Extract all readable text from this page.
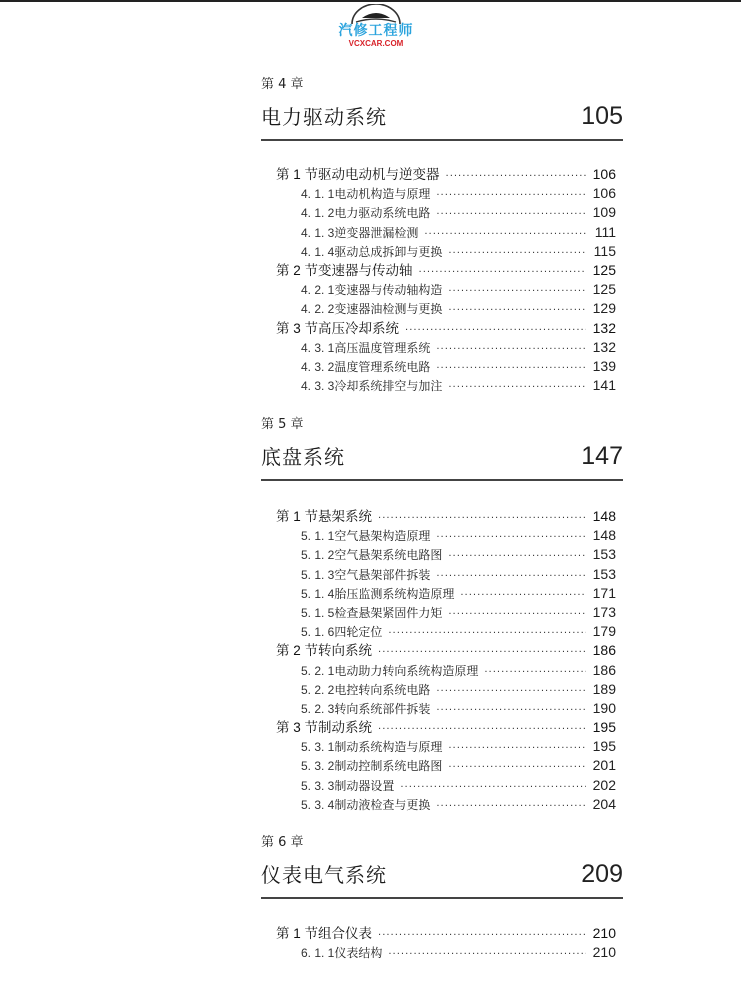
汽修工程师
VCXCAR.COM
第 4 章
电力驱动系统	105
第 1 节 驱动电动机与逆变器 ·····	106
4. 1. 1 电动机构造与原理 ·····	106
4. 1. 2 电力驱动系统电路 ·····	109
4. 1. 3 逆变器泄漏检测 ·····	111
4. 1. 4 驱动总成拆卸与更换 ·····	115
第 2 节 变速器与传动轴 ·····	125
4. 2. 1 变速器与传动轴构造 ·····	125
4. 2. 2 变速器油检测与更换 ·····	129
第 3 节 高压冷却系统 ·····	132
4. 3. 1 高压温度管理系统 ·····	132
4. 3. 2 温度管理系统电路 ·····	139
4. 3. 3 冷却系统排空与加注 ·····	141
第 5 章
底盘系统	147
第 1 节 悬架系统 ·····	148
5. 1. 1 空气悬架构造原理 ·····	148
5. 1. 2 空气悬架系统电路图 ·····	153
5. 1. 3 空气悬架部件拆装 ·····	153
5. 1. 4 胎压监测系统构造原理 ·····	171
5. 1. 5 检查悬架紧固件力矩 ·····	173
5. 1. 6 四轮定位 ·····	179
第 2 节 转向系统 ·····	186
5. 2. 1 电动助力转向系统构造原理 ·····	186
5. 2. 2 电控转向系统电路 ·····	189
5. 2. 3 转向系统部件拆装 ·····	190
第 3 节 制动系统 ·····	195
5. 3. 1 制动系统构造与原理 ·····	195
5. 3. 2 制动控制系统电路图 ·····	201
5. 3. 3 制动器设置 ·····	202
5. 3. 4 制动液检查与更换 ·····	204
第 6 章
仪表电气系统	209
第 1 节 组合仪表 ·····	210
6. 1. 1 仪表结构 ·····	210
